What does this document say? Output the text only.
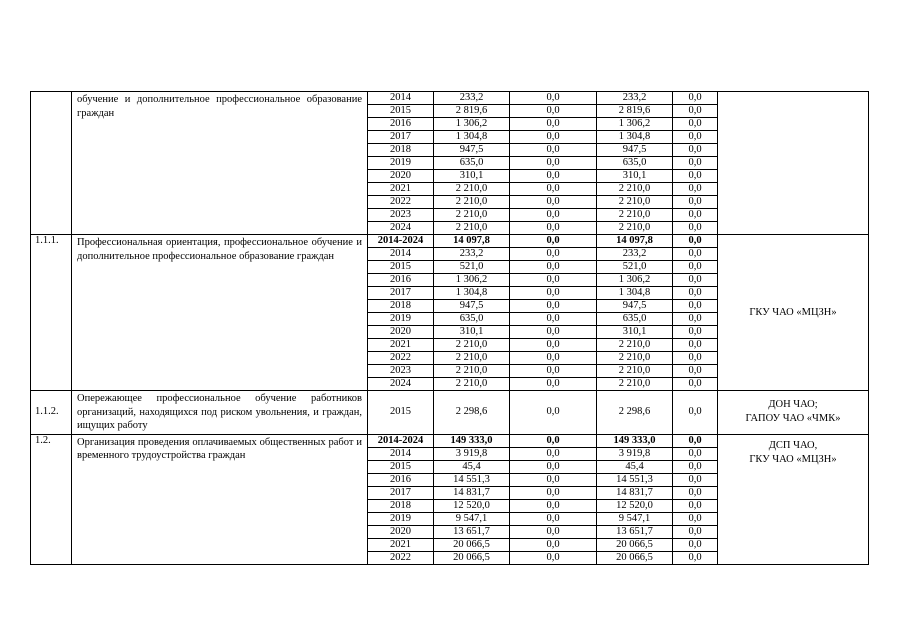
	обучение и дополнительное профессиональное образование граждан	2014	233,2	0,0	233,2	0,0	
		2015	2 819,6	0,0	2 819,6	0,0	
		2016	1 306,2	0,0	1 306,2	0,0	
		2017	1 304,8	0,0	1 304,8	0,0	
		2018	947,5	0,0	947,5	0,0	
		2019	635,0	0,0	635,0	0,0	
		2020	310,1	0,0	310,1	0,0	
		2021	2 210,0	0,0	2 210,0	0,0	
		2022	2 210,0	0,0	2 210,0	0,0	
		2023	2 210,0	0,0	2 210,0	0,0	
		2024	2 210,0	0,0	2 210,0	0,0	
1.1.1.	Профессиональная ориентация, профессиональное обучение и дополнительное профессиональное образование граждан	2014-2024	14 097,8	0,0	14 097,8	0,0	ГКУ ЧАО «МЦЗН»
		2014	233,2	0,0	233,2	0,0	
		2015	521,0	0,0	521,0	0,0	
		2016	1 306,2	0,0	1 306,2	0,0	
		2017	1 304,8	0,0	1 304,8	0,0	
		2018	947,5	0,0	947,5	0,0	
		2019	635,0	0,0	635,0	0,0	
		2020	310,1	0,0	310,1	0,0	
		2021	2 210,0	0,0	2 210,0	0,0	
		2022	2 210,0	0,0	2 210,0	0,0	
		2023	2 210,0	0,0	2 210,0	0,0	
		2024	2 210,0	0,0	2 210,0	0,0	
1.1.2.	Опережающее профессиональное обучение работников организаций, находящихся под риском увольнения, и граждан, ищущих работу	2015	2 298,6	0,0	2 298,6	0,0	ДОН ЧАО;
ГАПОУ ЧАО «ЧМК»
1.2.	Организация проведения оплачиваемых общественных работ и временного трудоустройства граждан	2014-2024	149 333,0	0,0	149 333,0	0,0	ДСП ЧАО,
ГКУ ЧАО «МЦЗН»
		2014	3 919,8	0,0	3 919,8	0,0	
		2015	45,4	0,0	45,4	0,0	
		2016	14 551,3	0,0	14 551,3	0,0	
		2017	14 831,7	0,0	14 831,7	0,0	
		2018	12 520,0	0,0	12 520,0	0,0	
		2019	9 547,1	0,0	9 547,1	0,0	
		2020	13 651,7	0,0	13 651,7	0,0	
		2021	20 066,5	0,0	20 066,5	0,0	
		2022	20 066,5	0,0	20 066,5	0,0	
